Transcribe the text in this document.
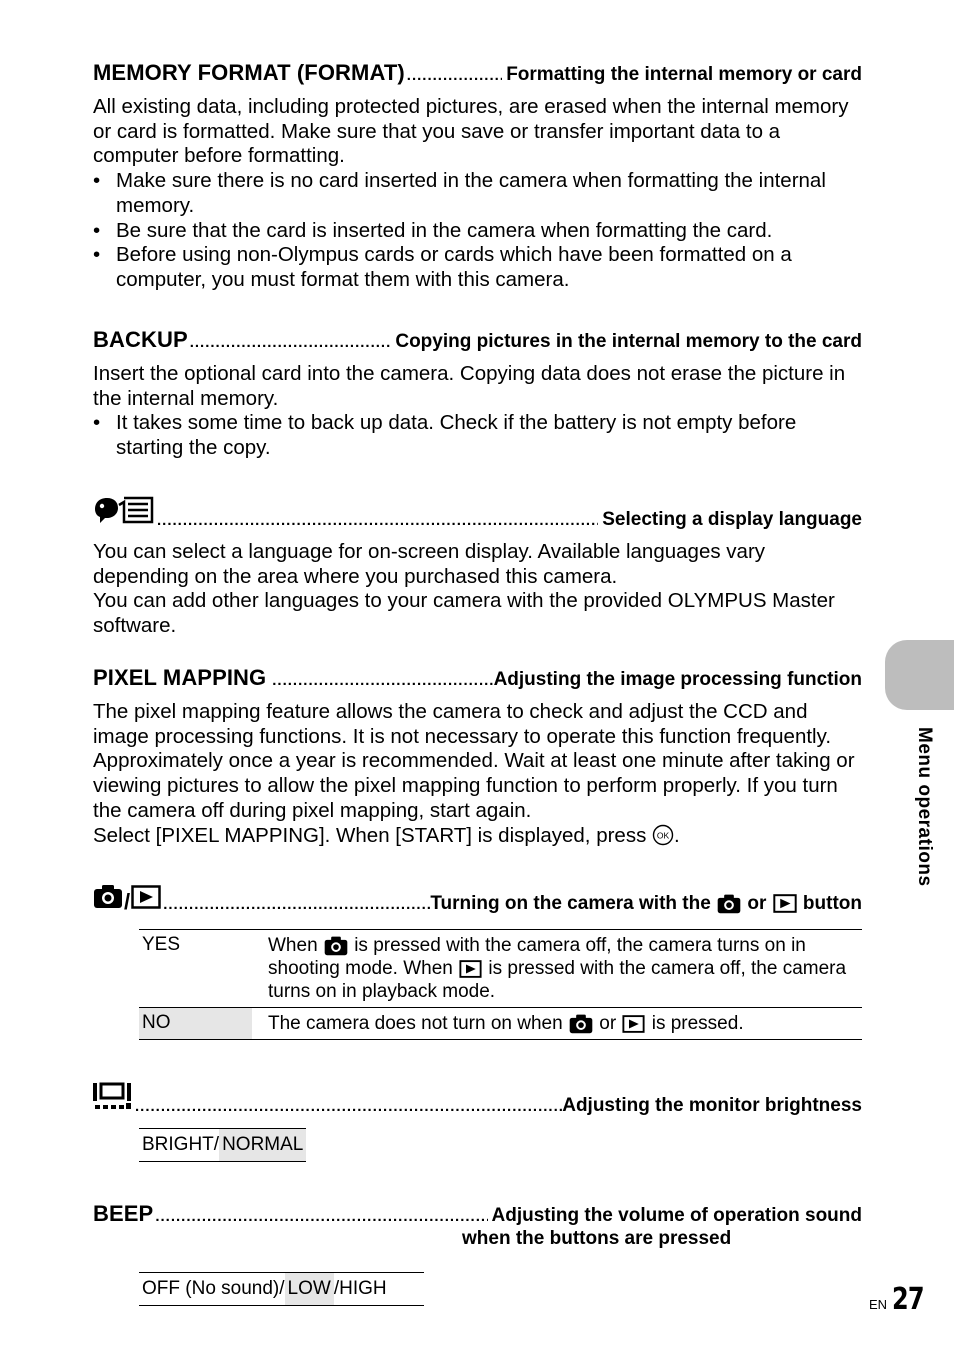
MEMORY FORMAT (FORMAT) .....	Formatting the internal memory or card

All existing data, including protected pictures, are erased when the internal memory or card is formatted. Make sure that you save or transfer important data to a computer before formatting.

• Make sure there is no card inserted in the camera when formatting the internal memory.
• Be sure that the card is inserted in the camera when formatting the card.
• Before using non-Olympus cards or cards which have been formatted on a computer, you must format them with this camera.
BACKUP .....	Copying pictures in the internal memory to the card

Insert the optional card into the camera. Copying data does not erase the picture in the internal memory.

• It takes some time to back up data. Check if the battery is not empty before starting the copy.
.....
Selecting a display language

You can select a language for on-screen display. Available languages vary depending on the area where you purchased this camera.

You can add other languages to your camera with the provided OLYMPUS Master software.

PIXEL MAPPING .....	Adjusting the image processing function

The pixel mapping feature allows the camera to check and adjust the CCD and image processing functions. It is not necessary to operate this function frequently. Approximately once a year is recommended. Wait at least one minute after taking or viewing pictures to allow the pixel mapping function to perform properly. If you turn the camera off during pixel mapping, start again.

Select [PIXEL MAPPING]. When [START] is displayed, press OK .

/ .....	Turning on the camera with the or button
YES	When is pressed with the camera off, the camera turns on in shooting mode. When is pressed with the camera off, the camera turns on in playback mode.
NO	The camera does not turn on when or is pressed.
.....
Adjusting the monitor brightness
BRIGHT/ NORMAL
BEEP .....	Adjusting the volume of operation sound
when the buttons are pressed
OFF (No sound)/ LOW /HIGH
Menu operations
EN 27
